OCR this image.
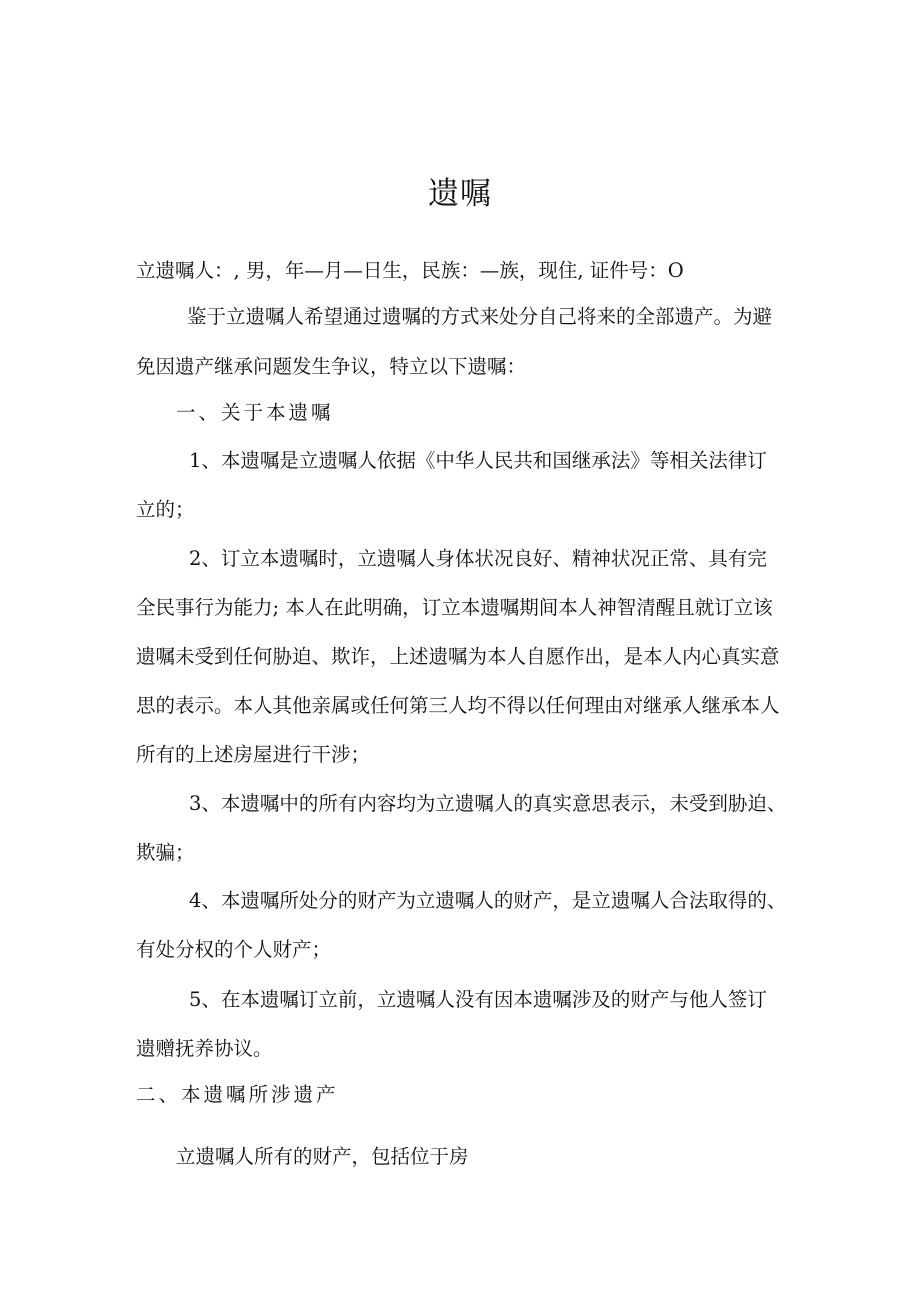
遗嘱
立遗嘱人：, 男，年—月—日生，民族：—族，现住, 证件号：O
鉴于立遗嘱人希望通过遗嘱的方式来处分自己将来的全部遗产。为避
免因遗产继承问题发生争议，特立以下遗嘱：
一、关于本遗嘱
1、本遗嘱是立遗嘱人依据《中华人民共和国继承法》等相关法律订
立的；
2、订立本遗嘱时，立遗嘱人身体状况良好、精神状况正常、具有完
全民事行为能力; 本人在此明确，订立本遗嘱期间本人神智清醒且就订立该
遗嘱未受到任何胁迫、欺诈，上述遗嘱为本人自愿作出，是本人内心真实意
思的表示。本人其他亲属或任何第三人均不得以任何理由对继承人继承本人
所有的上述房屋进行干涉；
3、本遗嘱中的所有内容均为立遗嘱人的真实意思表示，未受到胁迫、
欺骗；
4、本遗嘱所处分的财产为立遗嘱人的财产，是立遗嘱人合法取得的、
有处分权的个人财产；
5、在本遗嘱订立前，立遗嘱人没有因本遗嘱涉及的财产与他人签订
遗赠抚养协议。
二、本遗嘱所涉遗产
立遗嘱人所有的财产，包括位于房
